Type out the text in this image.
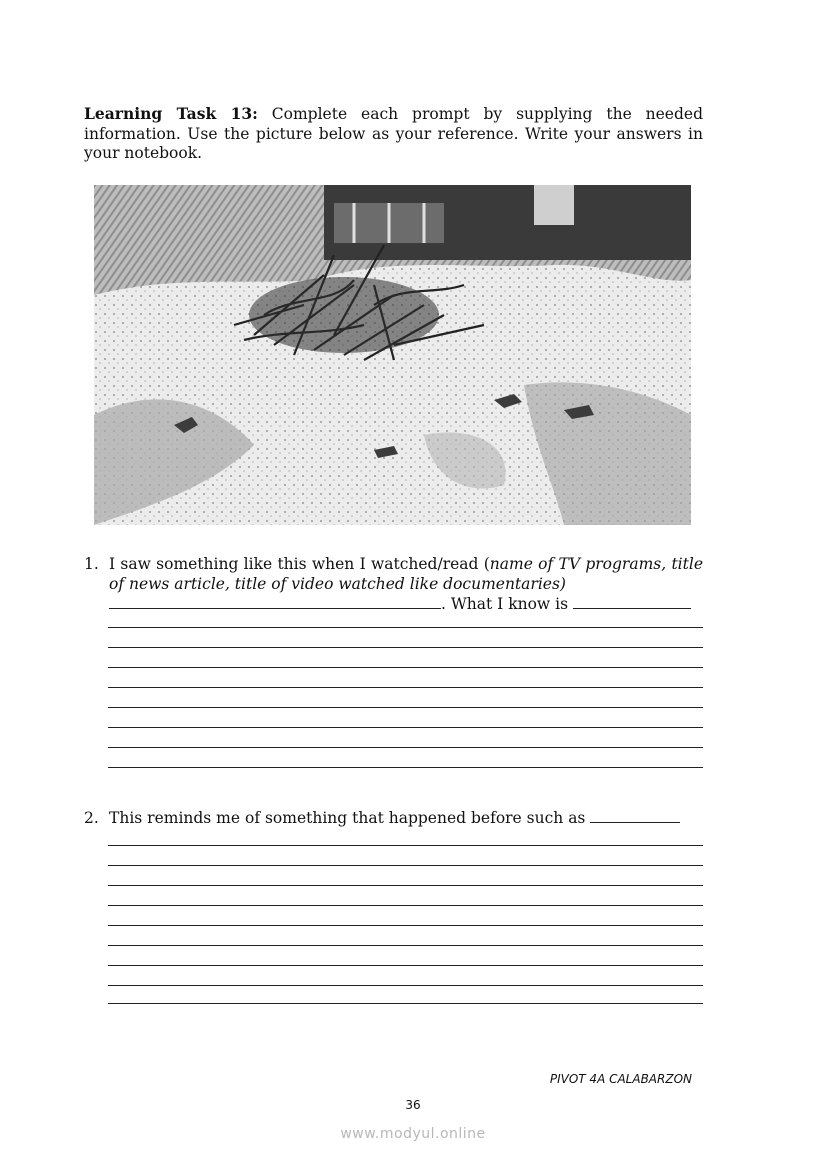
Learning Task 13: Complete each prompt by supplying the needed information. Use the picture below as your reference. Write your answers in your notebook.
1. I saw something like this when I watched/read (name of TV programs, title of news article, title of video watched like documentaries)
. What I know is
2. This reminds me of something that happened before such as
PIVOT 4A CALABARZON
36
www.modyul.online
